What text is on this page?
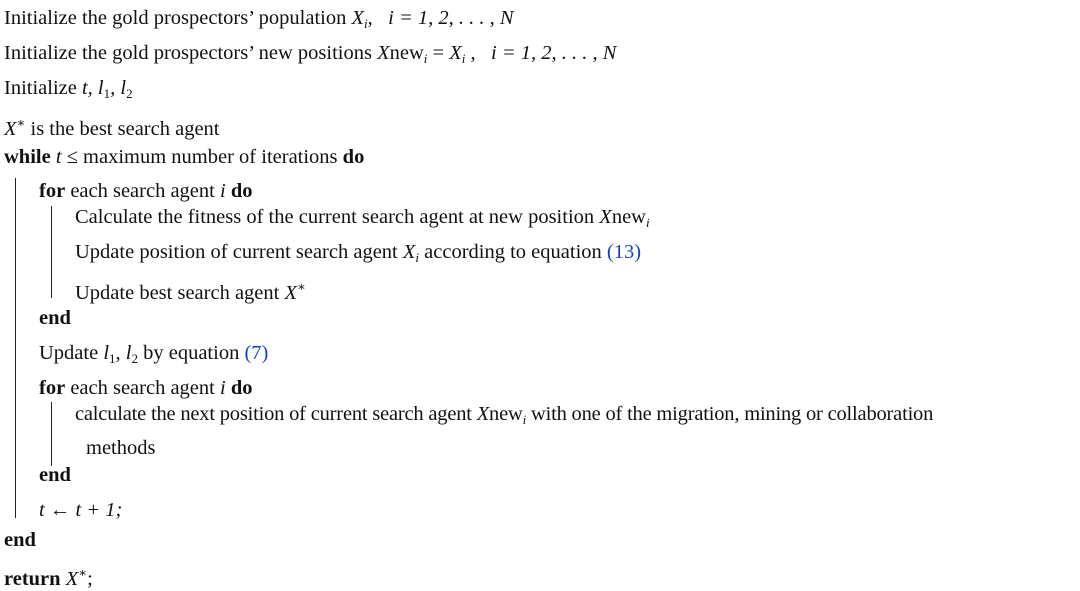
Initialize the gold prospectors’ population $X_i$,   i = 1, 2, . . . , N
Initialize the gold prospectors’ new positions Xnew$_i$ = $X_i$ ,   i = 1, 2, . . . , N
Initialize t, l1, l2
X∗ is the best search agent
while t ≤ maximum number of iterations do
for each search agent i do
Calculate the fitness of the current search agent at new position Xnew$_i$
Update position of current search agent $X_i$ according to equation (13)
Update best search agent X∗
end
Update l1, l2 by equation (7)
for each search agent i do
calculate the next position of current search agent Xnew$_i$ with one of the migration, mining or collaboration
methods
end
t ← t + 1;
end
return X∗;
